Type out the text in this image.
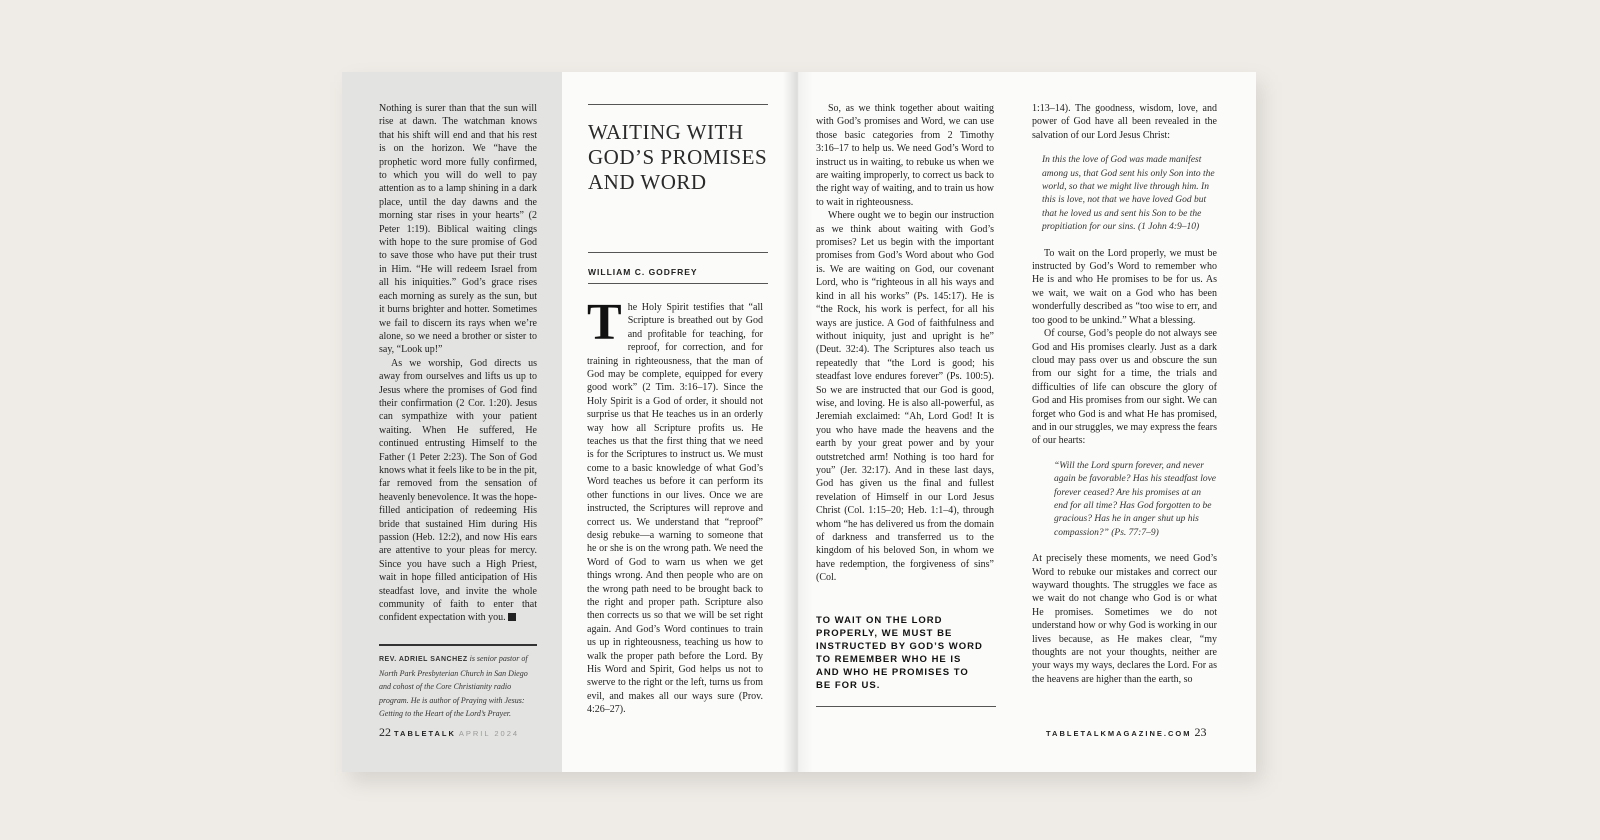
Nothing is surer than that the sun will rise at dawn. The watchman knows that his shift will end and that his rest is on the horizon. We “have the prophetic word more fully confirmed, to which you will do well to pay attention as to a lamp shining in a dark place, until the day dawns and the morning star rises in your hearts” (2 Peter 1:19). Biblical waiting clings with hope to the sure promise of God to save those who have put their trust in Him. “He will redeem Israel from all his iniquities.” God’s grace rises each morning as surely as the sun, but it burns brighter and hotter. Sometimes we fail to discern its rays when we’re alone, so we need a brother or sister to say, “Look up!”

As we worship, God directs us away from ourselves and lifts us up to Jesus where the promises of God find their confirmation (2 Cor. 1:20). Jesus can sympathize with your patient waiting. When He suffered, He continued entrusting Himself to the Father (1 Peter 2:23). The Son of God knows what it feels like to be in the pit, far removed from the sensation of heavenly benevolence. It was the hope-filled anticipation of redeeming His bride that sustained Him during His passion (Heb. 12:2), and now His ears are attentive to your pleas for mercy. Since you have such a High Priest, wait in hope filled anticipation of His steadfast love, and invite the whole community of faith to enter that confident expectation with you.

REV. ADRIEL SANCHEZ is senior pastor of North Park Presbyterian Church in San Diego and cohost of the Core Christianity radio program. He is author of Praying with Jesus: Getting to the Heart of the Lord’s Prayer.
WAITING WITH GOD’S PROMISES AND WORD
WILLIAM C. GODFREY
The Holy Spirit testifies that “all Scripture is breathed out by God and profitable for teaching, for reproof, for correction, and for training in righteousness, that the man of God may be complete, equipped for every good work” (2 Tim. 3:16–17). Since the Holy Spirit is a God of order, it should not surprise us that He teaches us in an orderly way how all Scripture profits us. He teaches us that the first thing that we need is for the Scriptures to instruct us. We must come to a basic knowledge of what God’s Word teaches us before it can perform its other functions in our lives. Once we are instructed, the Scriptures will reprove and correct us. We understand that “reproof” desig rebuke—a warning to someone that he or she is on the wrong path. We need the Word of God to warn us when we get things wrong. And then people who are on the wrong path need to be brought back to the right and proper path. Scripture also then corrects us so that we will be set right again. And God’s Word continues to train us up in righteousness, teaching us how to walk the proper path before the Lord. By His Word and Spirit, God helps us not to swerve to the right or the left, turns us from evil, and makes all our ways sure (Prov. 4:26–27).
22 TABLETALK APRIL 2024

So, as we think together about waiting with God’s promises and Word, we can use those basic categories from 2 Timothy 3:16–17 to help us. We need God’s Word to instruct us in waiting, to rebuke us when we are waiting improperly, to correct us back to the right way of waiting, and to train us how to wait in righteousness.

Where ought we to begin our instruction as we think about waiting with God’s promises? Let us begin with the important promises from God’s Word about who God is. We are waiting on God, our covenant Lord, who is “righteous in all his ways and kind in all his works” (Ps. 145:17). He is “the Rock, his work is perfect, for all his ways are justice. A God of faithfulness and without iniquity, just and upright is he” (Deut. 32:4). The Scriptures also teach us repeatedly that “the Lord is good; his steadfast love endures forever” (Ps. 100:5). So we are instructed that our God is good, wise, and loving. He is also all-powerful, as Jeremiah exclaimed: “Ah, Lord God! It is you who have made the heavens and the earth by your great power and by your outstretched arm! Nothing is too hard for you” (Jer. 32:17). And in these last days, God has given us the final and fullest revelation of Himself in our Lord Jesus Christ (Col. 1:15–20; Heb. 1:1–4), through whom “he has delivered us from the domain of darkness and transferred us to the kingdom of his beloved Son, in whom we have redemption, the forgiveness of sins” (Col.

TO WAIT ON THE LORD PROPERLY, WE MUST BE INSTRUCTED BY GOD’S WORD TO REMEMBER WHO HE IS AND WHO HE PROMISES TO BE FOR US.

1:13–14). The goodness, wisdom, love, and power of God have all been revealed in the salvation of our Lord Jesus Christ:

In this the love of God was made manifest among us, that God sent his only Son into the world, so that we might live through him. In this is love, not that we have loved God but that he loved us and sent his Son to be the propitiation for our sins. (1 John 4:9–10)

To wait on the Lord properly, we must be instructed by God’s Word to remember who He is and who He promises to be for us. As we wait, we wait on a God who has been wonderfully described as “too wise to err, and too good to be unkind.” What a blessing.

Of course, God’s people do not always see God and His promises clearly. Just as a dark cloud may pass over us and obscure the sun from our sight for a time, the trials and difficulties of life can obscure the glory of God and His promises from our sight. We can forget who God is and what He has promised, and in our struggles, we may express the fears of our hearts:

“Will the Lord spurn forever, and never again be favorable? Has his steadfast love forever ceased? Are his promises at an end for all time? Has God forgotten to be gracious? Has he in anger shut up his compassion?” (Ps. 77:7–9)

At precisely these moments, we need God’s Word to rebuke our mistakes and correct our wayward thoughts. The struggles we face as we wait do not change who God is or what He promises. Sometimes we do not understand how or why God is working in our lives because, as He makes clear, “my thoughts are not your thoughts, neither are your ways my ways, declares the Lord. For as the heavens are higher than the earth, so

TABLETALKMAGAZINE.COM 23
